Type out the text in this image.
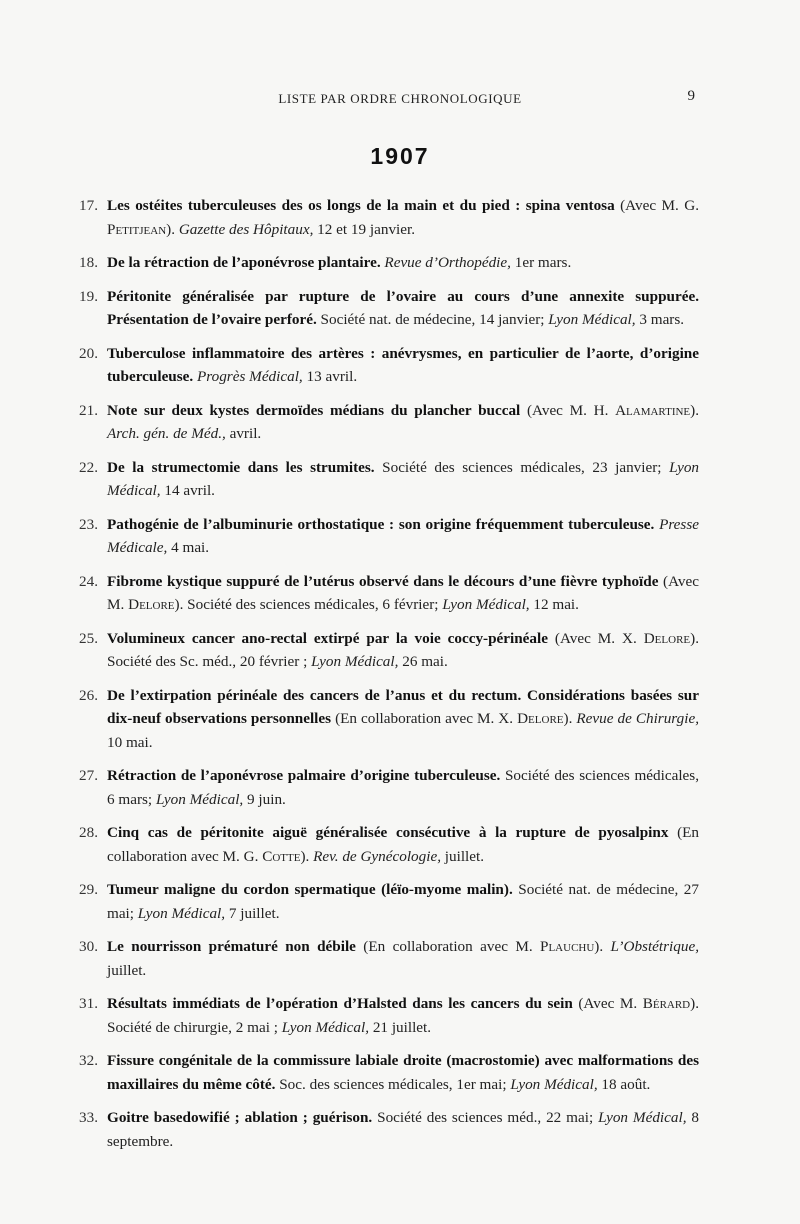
LISTE PAR ORDRE CHRONOLOGIQUE	9
1907
17. Les ostéites tuberculeuses des os longs de la main et du pied : spina ventosa (Avec M. G. Petitjean). Gazette des Hôpitaux, 12 et 19 janvier.
18. De la rétraction de l’aponévrose plantaire. Revue d’Orthopédie, 1er mars.
19. Péritonite généralisée par rupture de l’ovaire au cours d’une annexite suppurée. Présentation de l’ovaire perforé. Société nat. de médecine, 14 janvier; Lyon Médical, 3 mars.
20. Tuberculose inflammatoire des artères : anévrysmes, en particulier de l’aorte, d’origine tuberculeuse. Progrès Médical, 13 avril.
21. Note sur deux kystes dermoïdes médians du plancher buccal (Avec M. H. Alamartine). Arch. gén. de Méd., avril.
22. De la strumectomie dans les strumites. Société des sciences médicales, 23 janvier; Lyon Médical, 14 avril.
23. Pathogénie de l’albuminurie orthostatique : son origine fréquemment tuberculeuse. Presse Médicale, 4 mai.
24. Fibrome kystique suppuré de l’utérus observé dans le décours d’une fièvre typhoïde (Avec M. Delore). Société des sciences médicales, 6 février; Lyon Médical, 12 mai.
25. Volumineux cancer ano-rectal extirpé par la voie coccy-périnéale (Avec M. X. Delore). Société des Sc. méd., 20 février ; Lyon Médical, 26 mai.
26. De l’extirpation périnéale des cancers de l’anus et du rectum. Considérations basées sur dix-neuf observations personnelles (En collaboration avec M. X. Delore). Revue de Chirurgie, 10 mai.
27. Rétraction de l’aponévrose palmaire d’origine tuberculeuse. Société des sciences médicales, 6 mars; Lyon Médical, 9 juin.
28. Cinq cas de péritonite aiguë généralisée consécutive à la rupture de pyosalpinx (En collaboration avec M. G. Cotte). Rev. de Gynécologie, juillet.
29. Tumeur maligne du cordon spermatique (léïo-myome malin). Société nat. de médecine, 27 mai; Lyon Médical, 7 juillet.
30. Le nourrisson prématuré non débile (En collaboration avec M. Plauchu). L’Obstétrique, juillet.
31. Résultats immédiats de l’opération d’Halsted dans les cancers du sein (Avec M. Bérard). Société de chirurgie, 2 mai ; Lyon Médical, 21 juillet.
32. Fissure congénitale de la commissure labiale droite (macrostomie) avec malformations des maxillaires du même côté. Soc. des sciences médicales, 1er mai; Lyon Médical, 18 août.
33. Goitre basedowifié ; ablation ; guérison. Société des sciences méd., 22 mai; Lyon Médical, 8 septembre.
